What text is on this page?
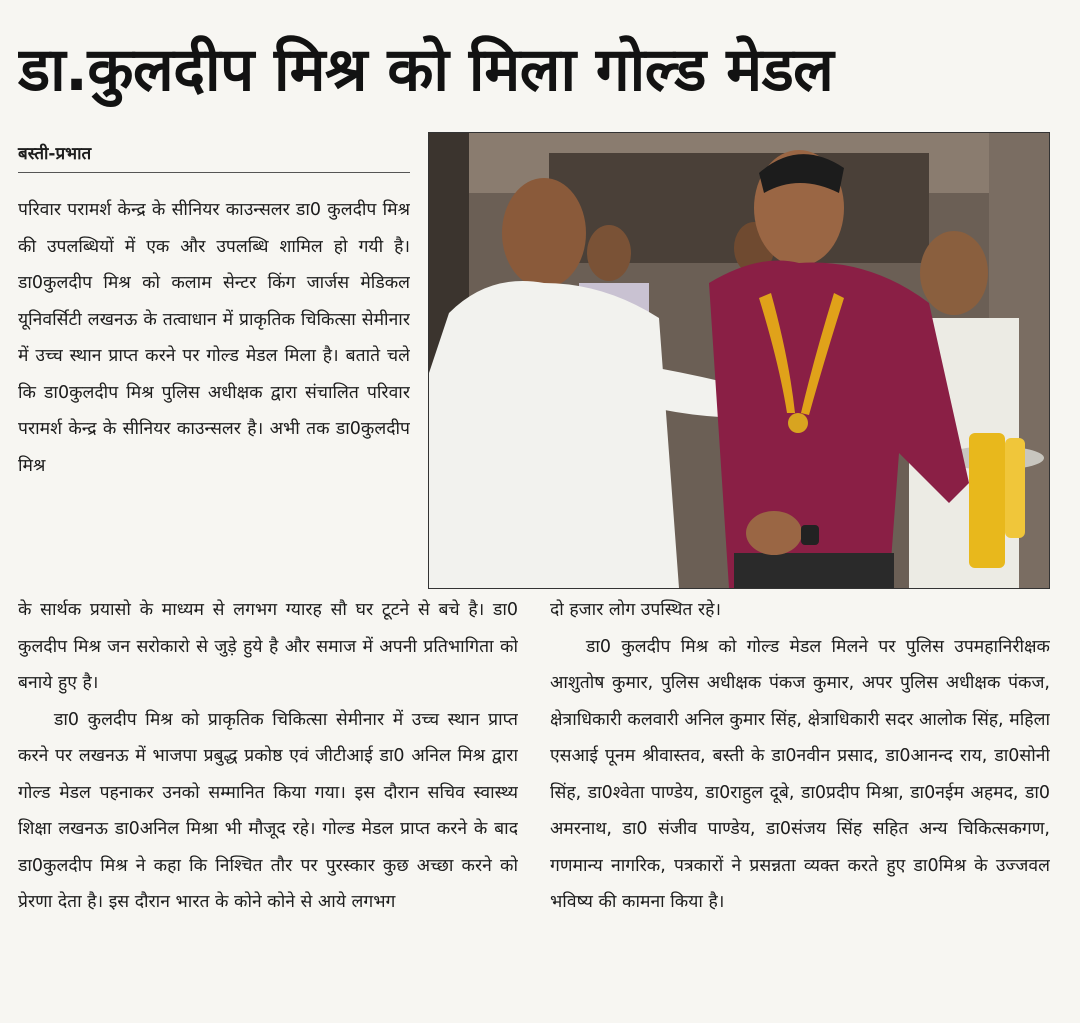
डा.कुलदीप मिश्र को मिला गोल्ड मेडल
बस्ती-प्रभात

परिवार परामर्श केन्द्र के सीनियर काउन्सलर डा0 कुलदीप मिश्र की उपलब्धियों में एक और उपलब्धि शामिल हो गयी है। डा0कुलदीप मिश्र को कलाम सेन्टर किंग जार्जस मेडिकल यूनिवर्सिटी लखनऊ के तत्वाधान में प्राकृतिक चिकित्सा सेमीनार में उच्च स्थान प्राप्त करने पर गोल्ड मेडल मिला है। बताते चले कि डा0कुलदीप मिश्र पुलिस अधीक्षक द्वारा संचालित परिवार परामर्श केन्द्र के सीनियर काउन्सलर है। अभी तक डा0कुलदीप मिश्र

के सार्थक प्रयासो के माध्यम से लगभग ग्यारह सौ घर टूटने से बचे है। डा0 कुलदीप मिश्र जन सरोकारो से जुड़े हुये है और समाज में अपनी प्रतिभागिता को बनाये हुए है।

डा0 कुलदीप मिश्र को प्राकृतिक चिकित्सा सेमीनार में उच्च स्थान प्राप्त करने पर लखनऊ में भाजपा प्रबुद्ध प्रकोष्ठ एवं जीटीआई डा0 अनिल मिश्र द्वारा गोल्ड मेडल पहनाकर उनको सम्मानित किया गया। इस दौरान सचिव स्वास्थ्य शिक्षा लखनऊ डा0अनिल मिश्रा भी मौजूद रहे। गोल्ड मेडल प्राप्त करने के बाद डा0कुलदीप मिश्र ने कहा कि निश्चित तौर पर पुरस्कार कुछ अच्छा करने को प्रेरणा देता है। इस दौरान भारत के कोने कोने से आये लगभग

दो हजार लोग उपस्थित रहे।

डा0 कुलदीप मिश्र को गोल्ड मेडल मिलने पर पुलिस उपमहानिरीक्षक आशुतोष कुमार, पुलिस अधीक्षक पंकज कुमार, अपर पुलिस अधीक्षक पंकज, क्षेत्राधिकारी कलवारी अनिल कुमार सिंह, क्षेत्राधिकारी सदर आलोक सिंह, महिला एसआई पूनम श्रीवास्तव, बस्ती के डा0नवीन प्रसाद, डा0आनन्द राय, डा0सोनी सिंह, डा0श्वेता पाण्डेय, डा0राहुल दूबे, डा0प्रदीप मिश्रा, डा0नईम अहमद, डा0 अमरनाथ, डा0 संजीव पाण्डेय, डा0संजय सिंह सहित अन्य चिकित्सकगण, गणमान्य नागरिक, पत्रकारों ने प्रसन्नता व्यक्त करते हुए डा0मिश्र के उज्जवल भविष्य की कामना किया है।
